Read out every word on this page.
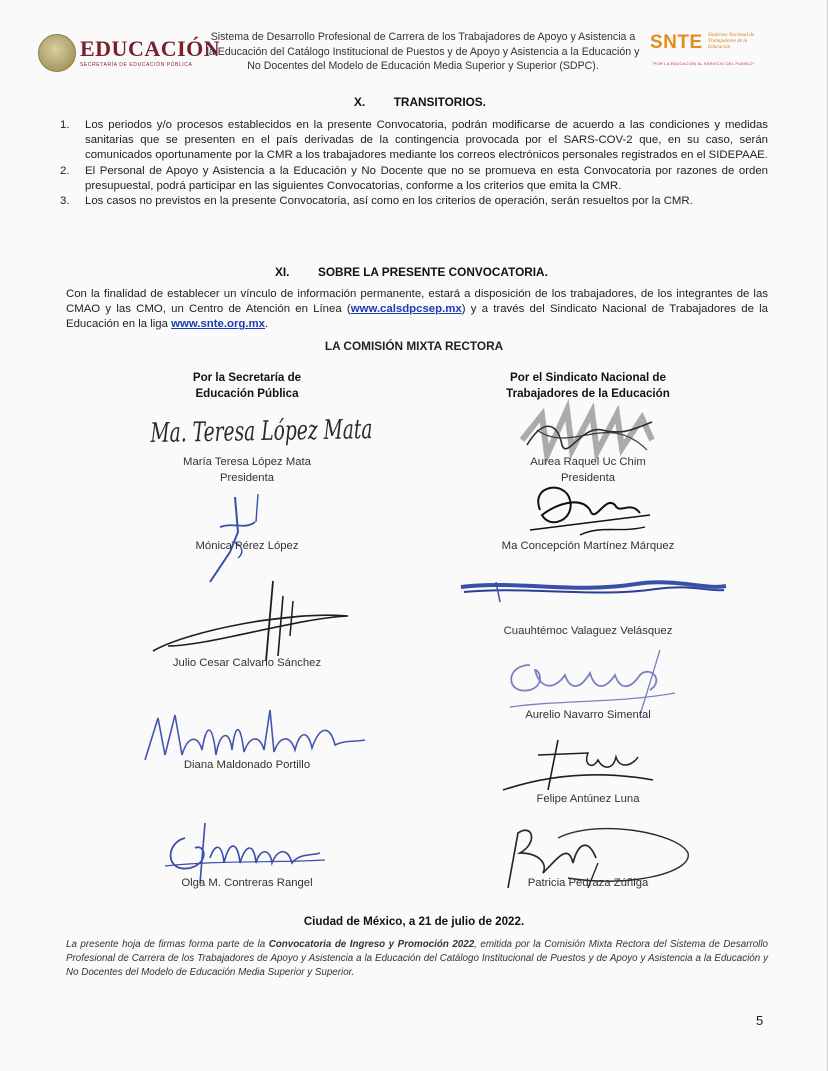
EDUCACIÓN
SECRETARÍA DE EDUCACIÓN PÚBLICA
Sistema de Desarrollo Profesional de Carrera de los Trabajadores de Apoyo y Asistencia a la Educación del Catálogo Institucional de Puestos y de Apoyo y Asistencia a la Educación y No Docentes del Modelo de Educación Media Superior y Superior (SDPC).
SNTE Sindicato Nacional de Trabajadores de la Educación
"POR LA EDUCACIÓN AL SERVICIO DEL PUEBLO"
X. TRANSITORIOS.
1. Los periodos y/o procesos establecidos en la presente Convocatoria, podrán modificarse de acuerdo a las condiciones y medidas sanitarias que se presenten en el país derivadas de la contingencia provocada por el SARS-COV-2 que, en su caso, serán comunicados oportunamente por la CMR a los trabajadores mediante los correos electrónicos personales registrados en el SIDEPAAE.
2. El Personal de Apoyo y Asistencia a la Educación y No Docente que no se promueva en esta Convocatoria por razones de orden presupuestal, podrá participar en las siguientes Convocatorias, conforme a los criterios que emita la CMR.
3. Los casos no previstos en la presente Convocatoria, así como en los criterios de operación, serán resueltos por la CMR.
XI. SOBRE LA PRESENTE CONVOCATORIA.
Con la finalidad de establecer un vínculo de información permanente, estará a disposición de los trabajadores, de los integrantes de las CMAO y las CMO, un Centro de Atención en Línea (www.calsdpcsep.mx) y a través del Sindicato Nacional de Trabajadores de la Educación en la liga www.snte.org.mx.
LA COMISIÓN MIXTA RECTORA
Por la Secretaría de
Educación Pública
Por el Sindicato Nacional de
Trabajadores de la Educación
Ma. Teresa López Mata
María Teresa López Mata
Presidenta
Mónica Pérez López
Julio Cesar Calvario Sánchez
Diana Maldonado Portillo
Olga M. Contreras Rangel
Aurea Raquel Uc Chim
Presidenta
Ma Concepción Martínez Márquez
Cuauhtémoc Valaguez Velásquez
Aurelio Navarro Simental
Felipe Antúnez Luna
Patricia Pedraza Zúñiga
Ciudad de México, a 21 de julio de 2022.
La presente hoja de firmas forma parte de la Convocatoria de Ingreso y Promoción 2022, emitida por la Comisión Mixta Rectora del Sistema de Desarrollo Profesional de Carrera de los Trabajadores de Apoyo y Asistencia a la Educación del Catálogo Institucional de Puestos y de Apoyo y Asistencia a la Educación y No Docentes del Modelo de Educación Media Superior y Superior.
5
